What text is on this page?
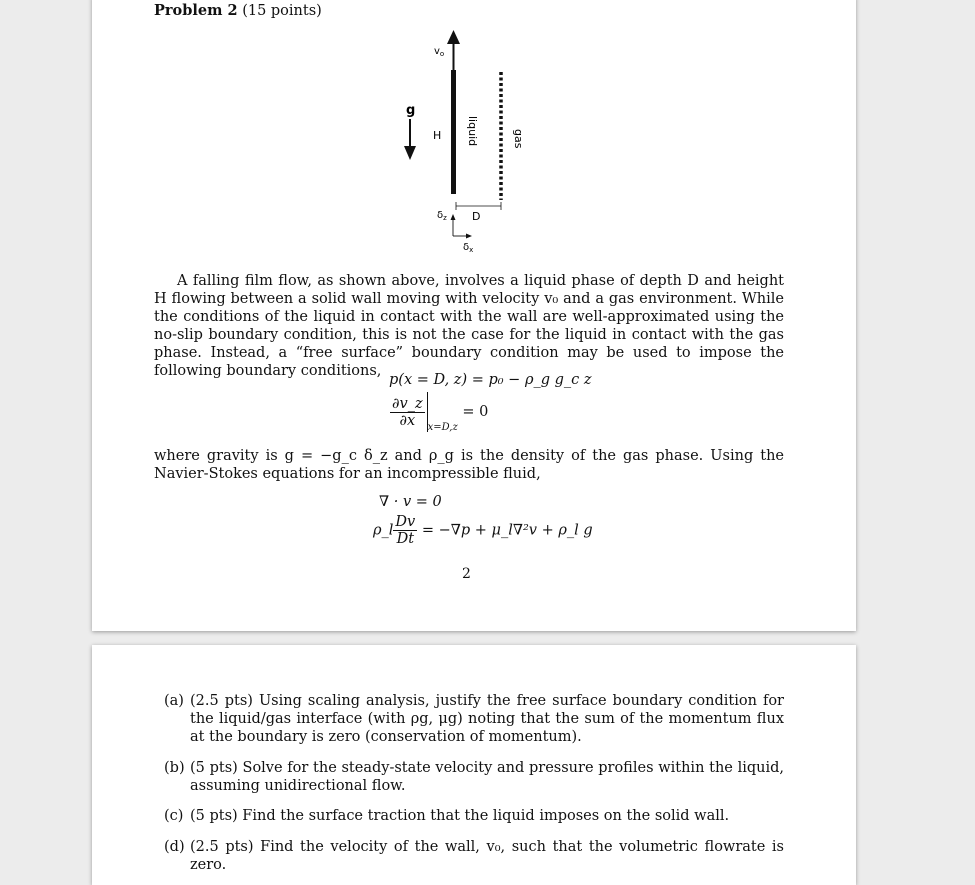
Problem 2 (15 points)
$v_o$
g
H liquid	gas
D
$\delta_z$
$\delta_x$
A falling film flow, as shown above, involves a liquid phase of depth D and height H flowing between a solid wall moving with velocity v₀ and a gas environment. While the conditions of the liquid in contact with the wall are well-approximated using the no-slip boundary condition, this is not the case for the liquid in contact with the gas phase. Instead, a “free surface” boundary condition may be used to impose the following boundary conditions,
p(x = D, z) = p₀ − ρ_g g_c z
$\frac{\partial v\_z}{\partial x} _{x=D,z} = 0$
where gravity is g = −g_c δ_z and ρ_g is the density of the gas phase. Using the Navier-Stokes equations for an incompressible fluid,
∇ · v = 0
ρ_l $\frac{Dv}{Dt} = -\nabla p$ + μ_l∇²v + ρ_l g
2
(a) (2.5 pts) Using scaling analysis, justify the free surface boundary condition for the liquid/gas interface (with ρg, μg) noting that the sum of the momentum flux at the boundary is zero (conservation of momentum).
(b) (5 pts) Solve for the steady-state velocity and pressure profiles within the liquid, assuming unidirectional flow.
(c) (5 pts) Find the surface traction that the liquid imposes on the solid wall.
(d) (2.5 pts) Find the velocity of the wall, v₀, such that the volumetric flowrate is zero.
